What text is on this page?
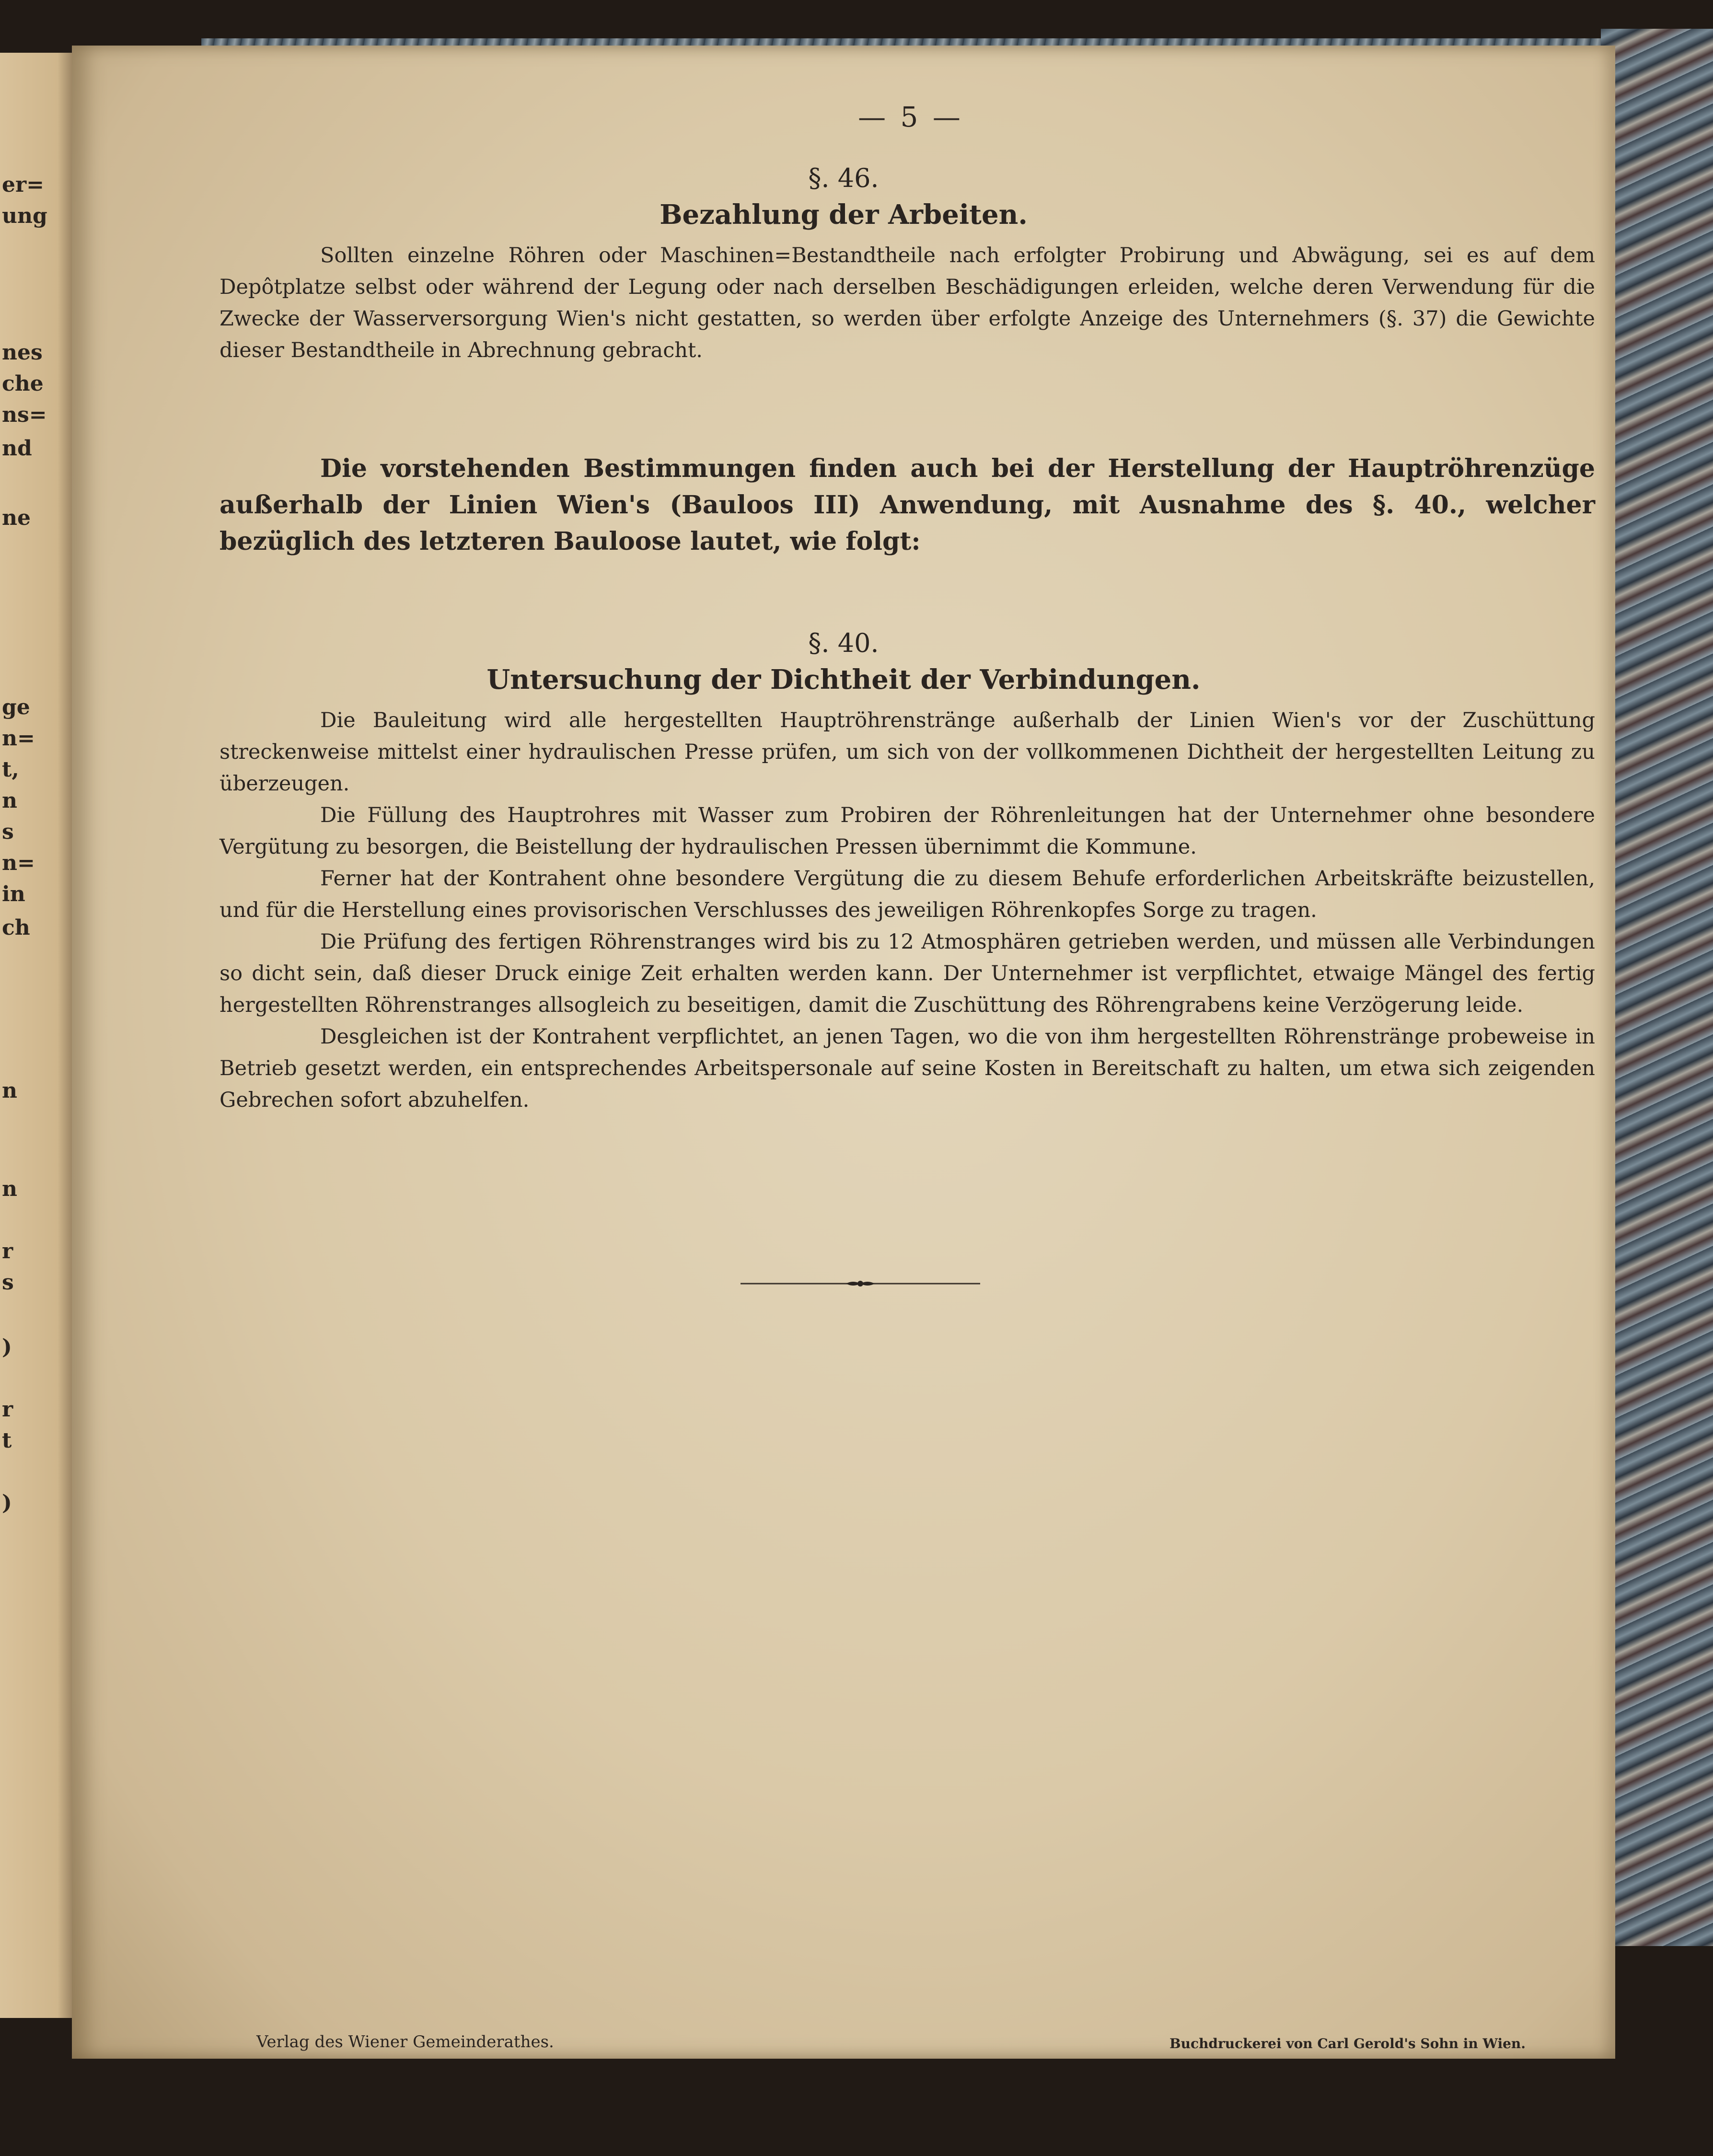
er=
ung
nes
che
ns=
nd
ne
ge
n=
t,
n
s
n=
in
ch
n
n
r
s
)
r
t
)
— 5 —
§. 46.
Bezahlung der Arbeiten.

Sollten einzelne Röhren oder Maschinen=Bestandtheile nach erfolgter Probirung und Abwägung, sei es auf dem Depôtplatze selbst oder während der Legung oder nach derselben Beschädigungen erleiden, welche deren Verwendung für die Zwecke der Wasserversorgung Wien's nicht gestatten, so werden über erfolgte Anzeige des Unternehmers (§. 37) die Gewichte dieser Bestandtheile in Abrechnung gebracht.

Die vorstehenden Bestimmungen finden auch bei der Herstellung der Hauptröhrenzüge außerhalb der Linien Wien's (Bauloos III) Anwendung, mit Ausnahme des §. 40., welcher bezüglich des letzteren Bauloose lautet, wie folgt:
§. 40.
Untersuchung der Dichtheit der Verbindungen.

Die Bauleitung wird alle hergestellten Hauptröhrenstränge außerhalb der Linien Wien's vor der Zuschüttung streckenweise mittelst einer hydraulischen Presse prüfen, um sich von der vollkommenen Dichtheit der hergestellten Leitung zu überzeugen.

Die Füllung des Hauptrohres mit Wasser zum Probiren der Röhrenleitungen hat der Unternehmer ohne besondere Vergütung zu besorgen, die Beistellung der hydraulischen Pressen übernimmt die Kommune.

Ferner hat der Kontrahent ohne besondere Vergütung die zu diesem Behufe erforderlichen Arbeitskräfte beizustellen, und für die Herstellung eines provisorischen Verschlusses des jeweiligen Röhrenkopfes Sorge zu tragen.

Die Prüfung des fertigen Röhrenstranges wird bis zu 12 Atmosphären getrieben werden, und müssen alle Verbindungen so dicht sein, daß dieser Druck einige Zeit erhalten werden kann. Der Unternehmer ist verpflichtet, etwaige Mängel des fertig hergestellten Röhrenstranges allsogleich zu beseitigen, damit die Zuschüttung des Röhrengrabens keine Verzögerung leide.

Desgleichen ist der Kontrahent verpflichtet, an jenen Tagen, wo die von ihm hergestellten Röhrenstränge probeweise in Betrieb gesetzt werden, ein entsprechendes Arbeitspersonale auf seine Kosten in Bereitschaft zu halten, um etwa sich zeigenden Gebrechen sofort abzuhelfen.

Verlag des Wiener Gemeinderathes.	Buchdruckerei von Carl Gerold's Sohn in Wien.
